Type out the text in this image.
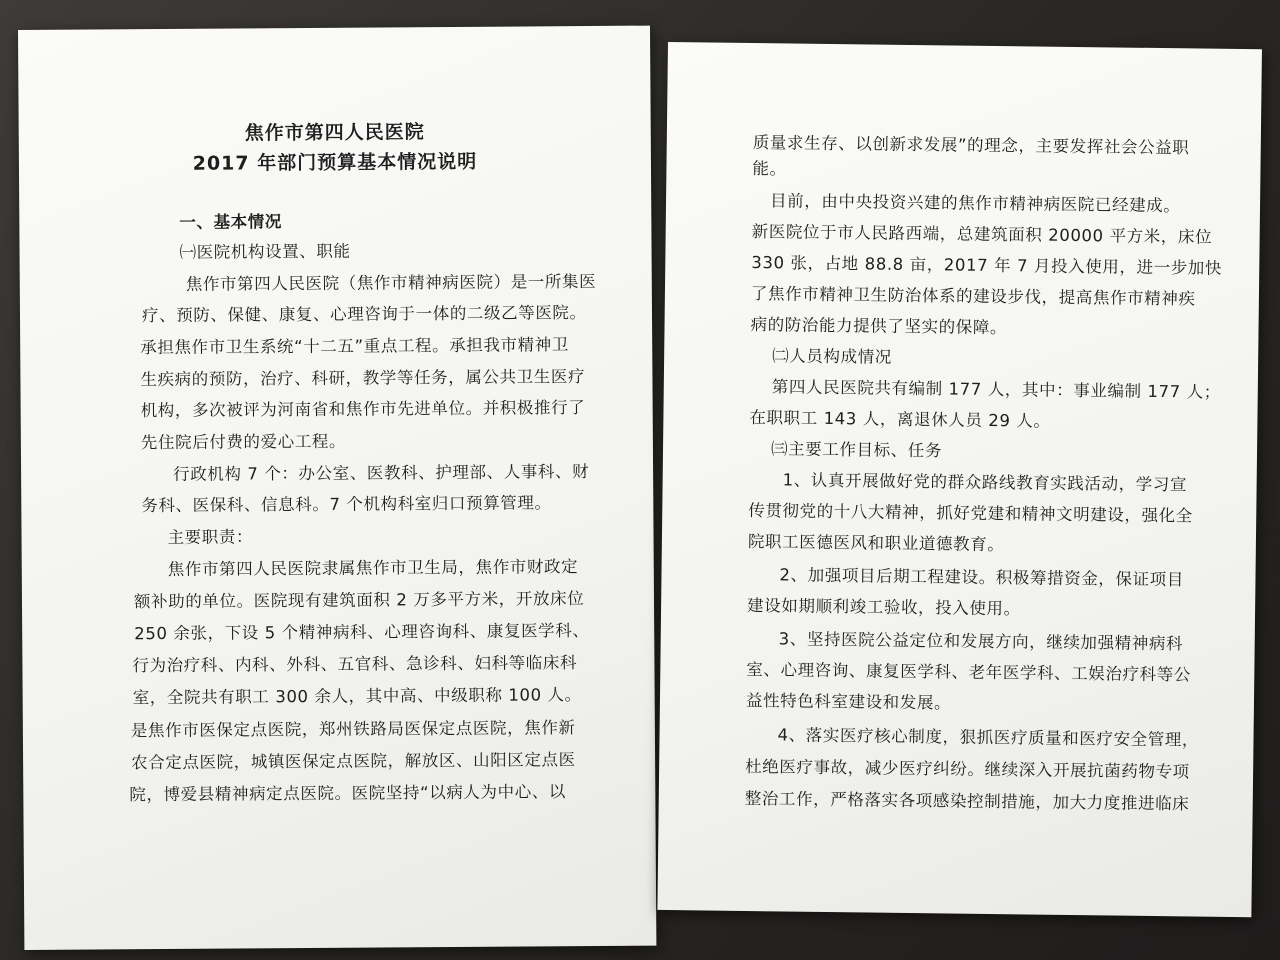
焦作市第四人民医院
2017 年部门预算基本情况说明
一、基本情况
㈠医院机构设置、职能
焦作市第四人民医院（焦作市精神病医院）是一所集医
疗、预防、保健、康复、心理咨询于一体的二级乙等医院。
承担焦作市卫生系统“十二五”重点工程。承担我市精神卫
生疾病的预防，治疗、科研，教学等任务，属公共卫生医疗
机构，多次被评为河南省和焦作市先进单位。并积极推行了
先住院后付费的爱心工程。
行政机构 7 个：办公室、医教科、护理部、人事科、财
务科、医保科、信息科。7 个机构科室归口预算管理。
主要职责：
焦作市第四人民医院隶属焦作市卫生局，焦作市财政定
额补助的单位。医院现有建筑面积 2 万多平方米，开放床位
250 余张，下设 5 个精神病科、心理咨询科、康复医学科、
行为治疗科、内科、外科、五官科、急诊科、妇科等临床科
室，全院共有职工 300 余人，其中高、中级职称 100 人。
是焦作市医保定点医院，郑州铁路局医保定点医院，焦作新
农合定点医院，城镇医保定点医院，解放区、山阳区定点医
院，博爱县精神病定点医院。医院坚持“以病人为中心、以
质量求生存、以创新求发展”的理念，主要发挥社会公益职
能。
目前，由中央投资兴建的焦作市精神病医院已经建成。
新医院位于市人民路西端，总建筑面积 20000 平方米，床位
330 张，占地 88.8 亩，2017 年 7 月投入使用，进一步加快
了焦作市精神卫生防治体系的建设步伐，提高焦作市精神疾
病的防治能力提供了坚实的保障。
㈡人员构成情况
第四人民医院共有编制 177 人，其中：事业编制 177 人；
在职职工 143 人，离退休人员 29 人。
㈢主要工作目标、任务
1、认真开展做好党的群众路线教育实践活动，学习宣
传贯彻党的十八大精神，抓好党建和精神文明建设，强化全
院职工医德医风和职业道德教育。
2、加强项目后期工程建设。积极筹措资金，保证项目
建设如期顺利竣工验收，投入使用。
3、坚持医院公益定位和发展方向，继续加强精神病科
室、心理咨询、康复医学科、老年医学科、工娱治疗科等公
益性特色科室建设和发展。
4、落实医疗核心制度，狠抓医疗质量和医疗安全管理，
杜绝医疗事故，减少医疗纠纷。继续深入开展抗菌药物专项
整治工作，严格落实各项感染控制措施，加大力度推进临床
